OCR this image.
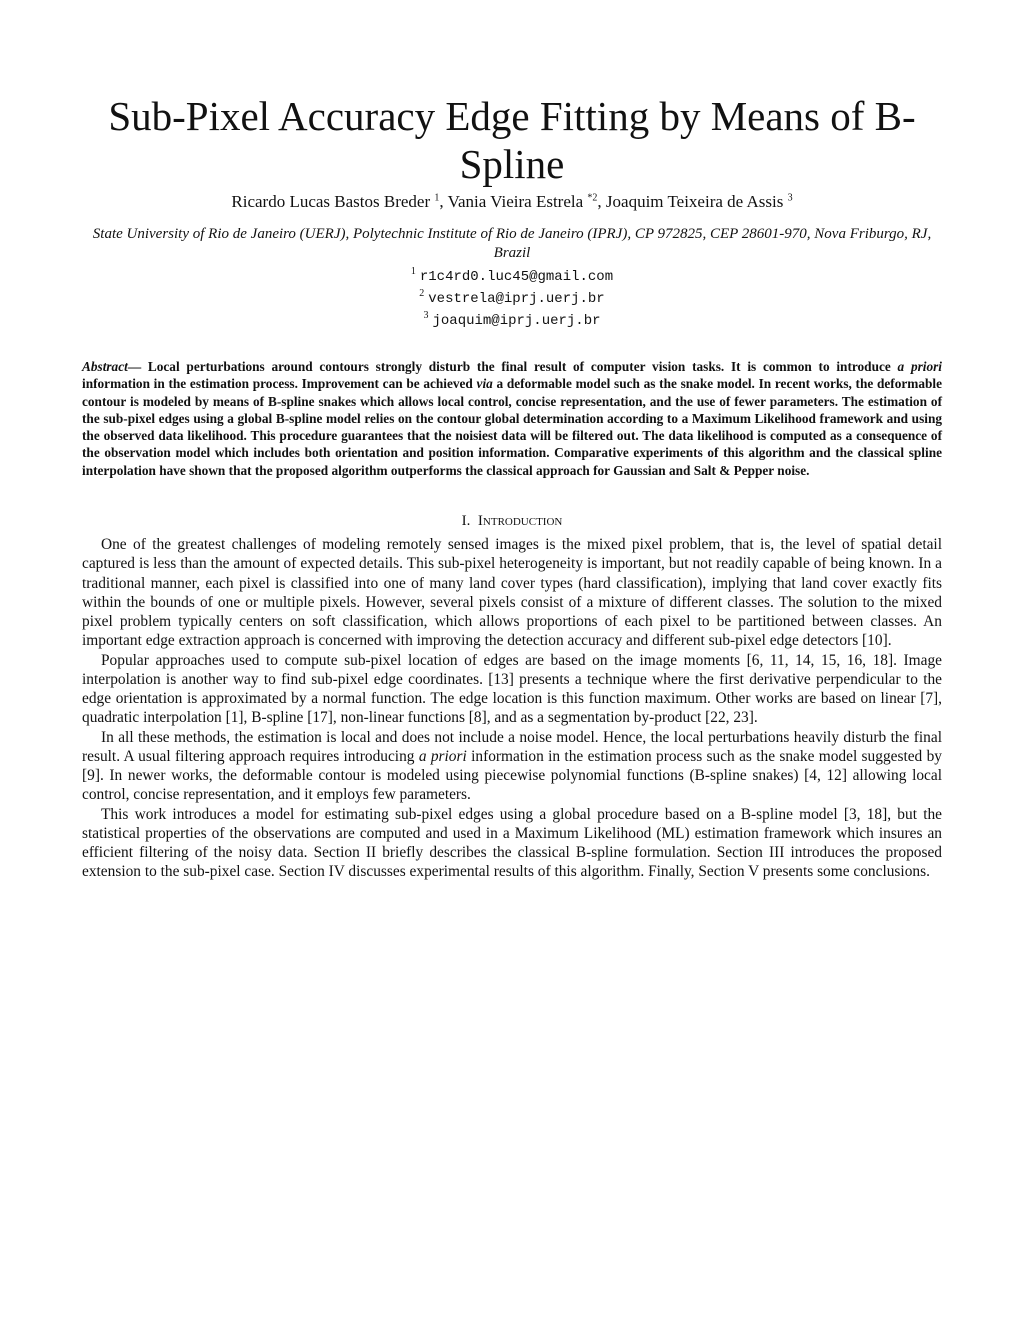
Sub-Pixel Accuracy Edge Fitting by Means of B-Spline
Ricardo Lucas Bastos Breder $^1$, Vania Vieira Estrela $^{*2}$, Joaquim Teixeira de Assis $^3$
State University of Rio de Janeiro (UERJ), Polytechnic Institute of Rio de Janeiro (IPRJ), CP 972825, CEP 28601-970, Nova Friburgo, RJ, Brazil
$^1$ r1c4rd0.luc45@gmail.com
$^2$ vestrela@iprj.uerj.br
$^3$ joaquim@iprj.uerj.br

Abstract— Local perturbations around contours strongly disturb the final result of computer vision tasks. It is common to introduce a priori information in the estimation process. Improvement can be achieved via a deformable model such as the snake model. In recent works, the deformable contour is modeled by means of B-spline snakes which allows local control, concise representation, and the use of fewer parameters. The estimation of the sub-pixel edges using a global B-spline model relies on the contour global determination according to a Maximum Likelihood framework and using the observed data likelihood. This procedure guarantees that the noisiest data will be filtered out. The data likelihood is computed as a consequence of the observation model which includes both orientation and position information. Comparative experiments of this algorithm and the classical spline interpolation have shown that the proposed algorithm outperforms the classical approach for Gaussian and Salt & Pepper noise.

I. Introduction

One of the greatest challenges of modeling remotely sensed images is the mixed pixel problem, that is, the level of spatial detail captured is less than the amount of expected details. This sub-pixel heterogeneity is important, but not readily capable of being known. In a traditional manner, each pixel is classified into one of many land cover types (hard classification), implying that land cover exactly fits within the bounds of one or multiple pixels. However, several pixels consist of a mixture of different classes. The solution to the mixed pixel problem typically centers on soft classification, which allows proportions of each pixel to be partitioned between classes. An important edge extraction approach is concerned with improving the detection accuracy and different sub-pixel edge detectors [10].

Popular approaches used to compute sub-pixel location of edges are based on the image moments [6, 11, 14, 15, 16, 18]. Image interpolation is another way to find sub-pixel edge coordinates. [13] presents a technique where the first derivative perpendicular to the edge orientation is approximated by a normal function. The edge location is this function maximum. Other works are based on linear [7], quadratic interpolation [1], B-spline [17], non-linear functions [8], and as a segmentation by-product [22, 23].

In all these methods, the estimation is local and does not include a noise model. Hence, the local perturbations heavily disturb the final result. A usual filtering approach requires introducing a priori information in the estimation process such as the snake model suggested by [9]. In newer works, the deformable contour is modeled using piecewise polynomial functions (B-spline snakes) [4, 12] allowing local control, concise representation, and it employs few parameters.

This work introduces a model for estimating sub-pixel edges using a global procedure based on a B-spline model [3, 18], but the statistical properties of the observations are computed and used in a Maximum Likelihood (ML) estimation framework which insures an efficient filtering of the noisy data. Section II briefly describes the classical B-spline formulation. Section III introduces the proposed extension to the sub-pixel case. Section IV discusses experimental results of this algorithm. Finally, Section V presents some conclusions.
